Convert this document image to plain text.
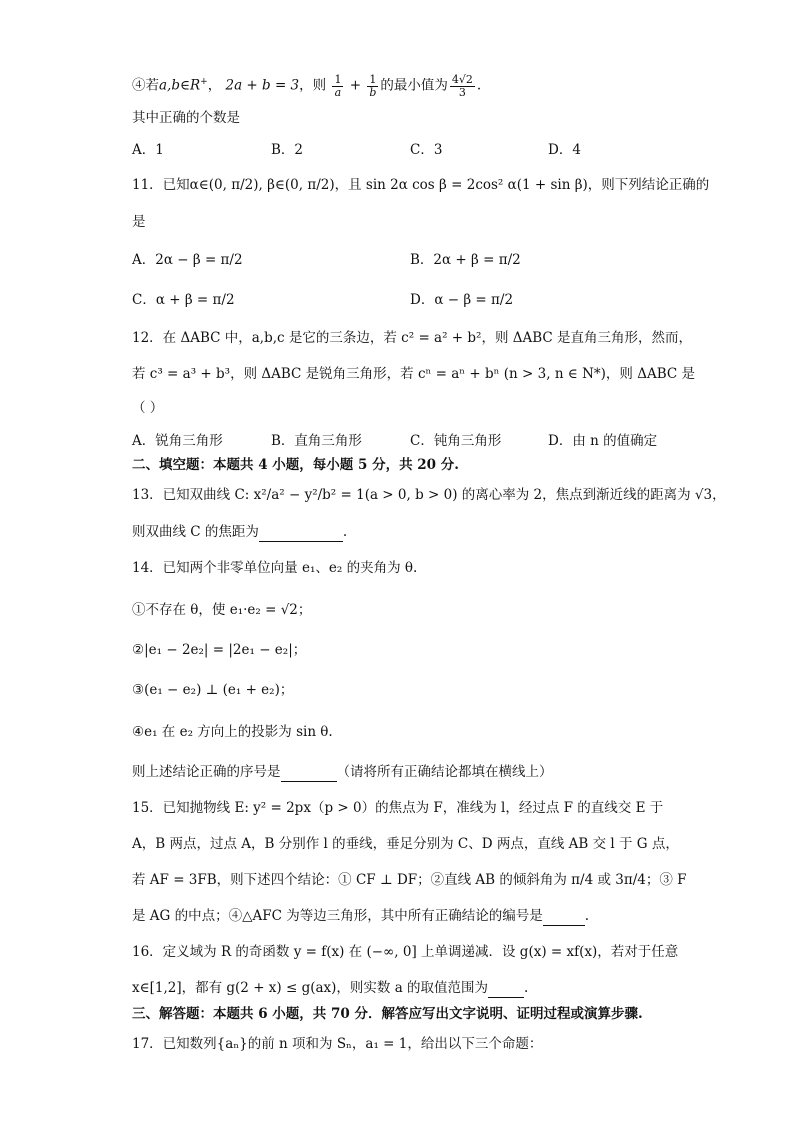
④若a,b∈R+， 2a + b = 3，则 $\frac{1}{a} + \frac{1}{b}$ 的最小值为 $\frac{4√2}{3}$ .
其中正确的个数是
A．1	B．2	C．3	D．4
11．已知α∈(0, π/2), β∈(0, π/2)，且 sin 2α cos β = 2cos² α(1 + sin β)，则下列结论正确的
是
A．2α − β = π/2	B．2α + β = π/2
C．α + β = π/2	D．α − β = π/2
12．在 ΔABC 中，a,b,c 是它的三条边，若 c² = a² + b²，则 ΔABC 是直角三角形，然而，
若 c³ = a³ + b³，则 ΔABC 是锐角三角形，若 cⁿ = aⁿ + bⁿ (n > 3, n ∈ N*)，则 ΔABC 是
（ ）
A．锐角三角形	B．直角三角形	C．钝角三角形	D．由 n 的值确定
二、填空题：本题共 4 小题，每小题 5 分，共 20 分.
13．已知双曲线 C: x²/a² − y²/b² = 1(a > 0, b > 0) 的离心率为 2，焦点到渐近线的距离为 √3，
则双曲线 C 的焦距为	.
14．已知两个非零单位向量 e₁、e₂ 的夹角为 θ.
①不存在 θ，使 e₁·e₂ = √2；
②|e₁ − 2e₂| = |2e₁ − e₂|；
③(e₁ − e₂) ⊥ (e₁ + e₂)；
④e₁ 在 e₂ 方向上的投影为 sin θ.
则上述结论正确的序号是	（请将所有正确结论都填在横线上）
15．已知抛物线 E: y² = 2px（p > 0）的焦点为 F，准线为 l，经过点 F 的直线交 E 于
A，B 两点，过点 A，B 分别作 l 的垂线，垂足分别为 C、D 两点，直线 AB 交 l 于 G 点，
若 AF = 3FB，则下述四个结论：① CF ⊥ DF；②直线 AB 的倾斜角为 π/4 或 3π/4；③ F
是 AG 的中点；④△AFC 为等边三角形，其中所有正确结论的编号是	.
16．定义域为 R 的奇函数 y = f(x) 在 (−∞, 0] 上单调递减．设 g(x) = xf(x)，若对于任意
x∈[1,2]，都有 g(2 + x) ≤ g(ax)，则实数 a 的取值范围为	.
三、解答题：本题共 6 小题，共 70 分．解答应写出文字说明、证明过程或演算步骤.
17．已知数列{aₙ}的前 n 项和为 Sₙ，a₁ = 1，给出以下三个命题：
